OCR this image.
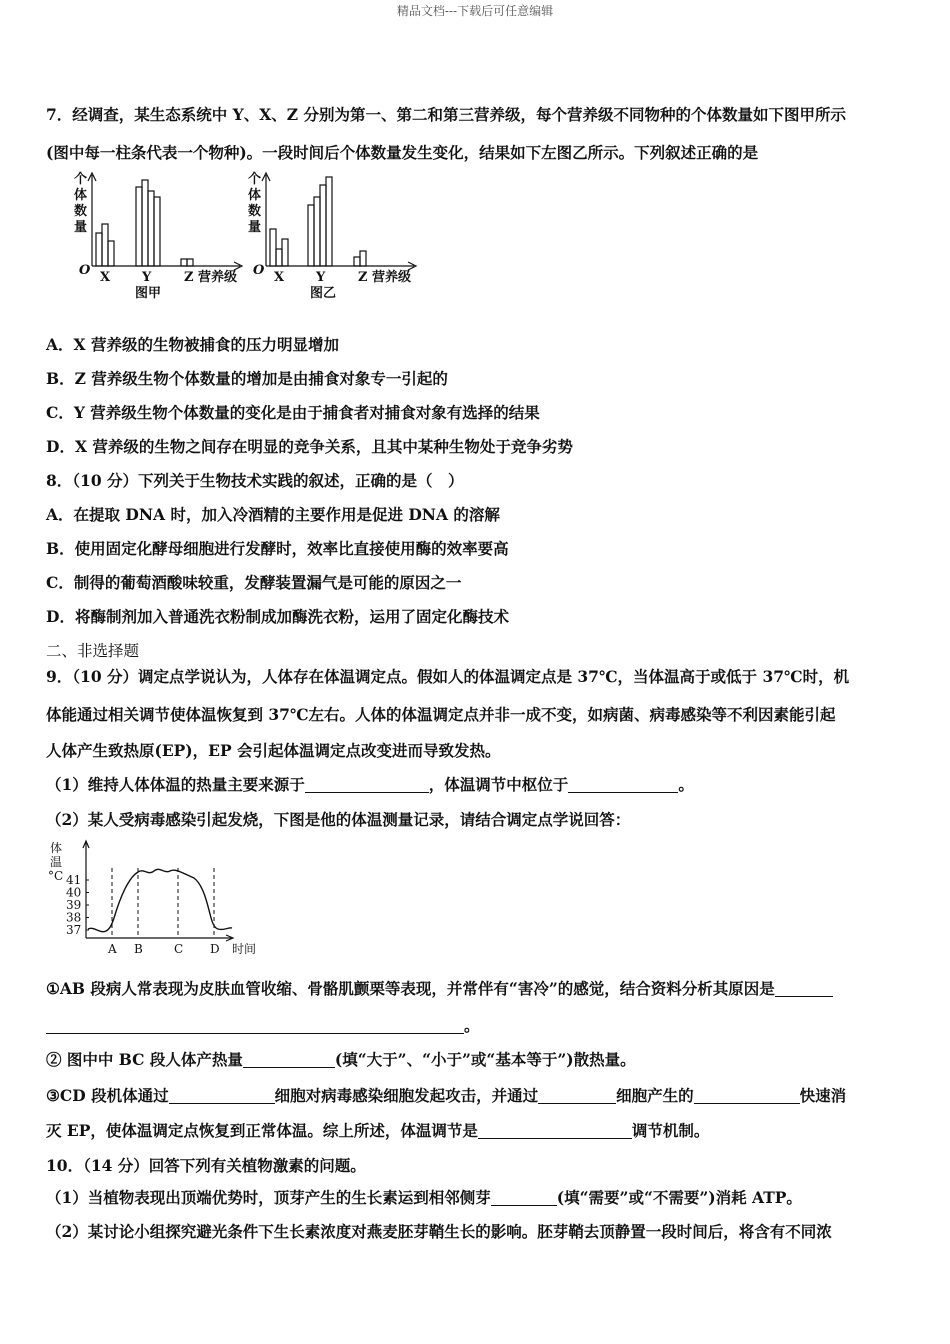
精品文档---下载后可任意编辑
7．经调查，某生态系统中 Y、X、Z 分别为第一、第二和第三营养级，每个营养级不同物种的个体数量如下图甲所示
(图中每一柱条代表一个物种)。一段时间后个体数量发生变化，结果如下左图乙所示。下列叙述正确的是
个
体
数
量
O X Y	Z 营养级
图甲
个
体
数
量
O X Y	Z 营养级
图乙
A．X 营养级的生物被捕食的压力明显增加
B．Z 营养级生物个体数量的增加是由捕食对象专一引起的
C．Y 营养级生物个体数量的变化是由于捕食者对捕食对象有选择的结果
D．X 营养级的生物之间存在明显的竞争关系，且其中某种生物处于竞争劣势
8．（10 分）下列关于生物技术实践的叙述，正确的是（　）
A．在提取 DNA 时，加入冷酒精的主要作用是促进 DNA 的溶解
B．使用固定化酵母细胞进行发酵时，效率比直接使用酶的效率要高
C．制得的葡萄酒酸味较重，发酵装置漏气是可能的原因之一
D．将酶制剂加入普通洗衣粉制成加酶洗衣粉，运用了固定化酶技术
二、非选择题
9．（10 分）调定点学说认为，人体存在体温调定点。假如人的体温调定点是 37℃，当体温高于或低于 37℃时，机
体能通过相关调节使体温恢复到 37℃左右。人体的体温调定点并非一成不变，如病菌、病毒感染等不利因素能引起
人体产生致热原(EP)，EP 会引起体温调定点改变进而导致发热。
（1）维持人体体温的热量主要来源于	，体温调节中枢位于	。
（2）某人受病毒感染引起发烧，下图是他的体温测量记录，请结合调定点学说回答：
37
38
39
40
41
A B	C D
体
温
°C
时间
①AB 段病人常表现为皮肤血管收缩、骨骼肌颤栗等表现，并常伴有“害冷”的感觉，结合资料分析其原因是
。
② 图中中 BC 段人体产热量	(填“大于”、“小于”或“基本等于”)散热量。
③CD 段机体通过	细胞对病毒感染细胞发起攻击，并通过	细胞产生的	快速消
灭 EP，使体温调定点恢复到正常体温。综上所述，体温调节是	调节机制。
10．（14 分）回答下列有关植物激素的问题。
（1）当植物表现出顶端优势时，顶芽产生的生长素运到相邻侧芽	(填“需要”或“不需要”)消耗 ATP。
（2）某讨论小组探究避光条件下生长素浓度对燕麦胚芽鞘生长的影响。胚芽鞘去顶静置一段时间后，将含有不同浓
